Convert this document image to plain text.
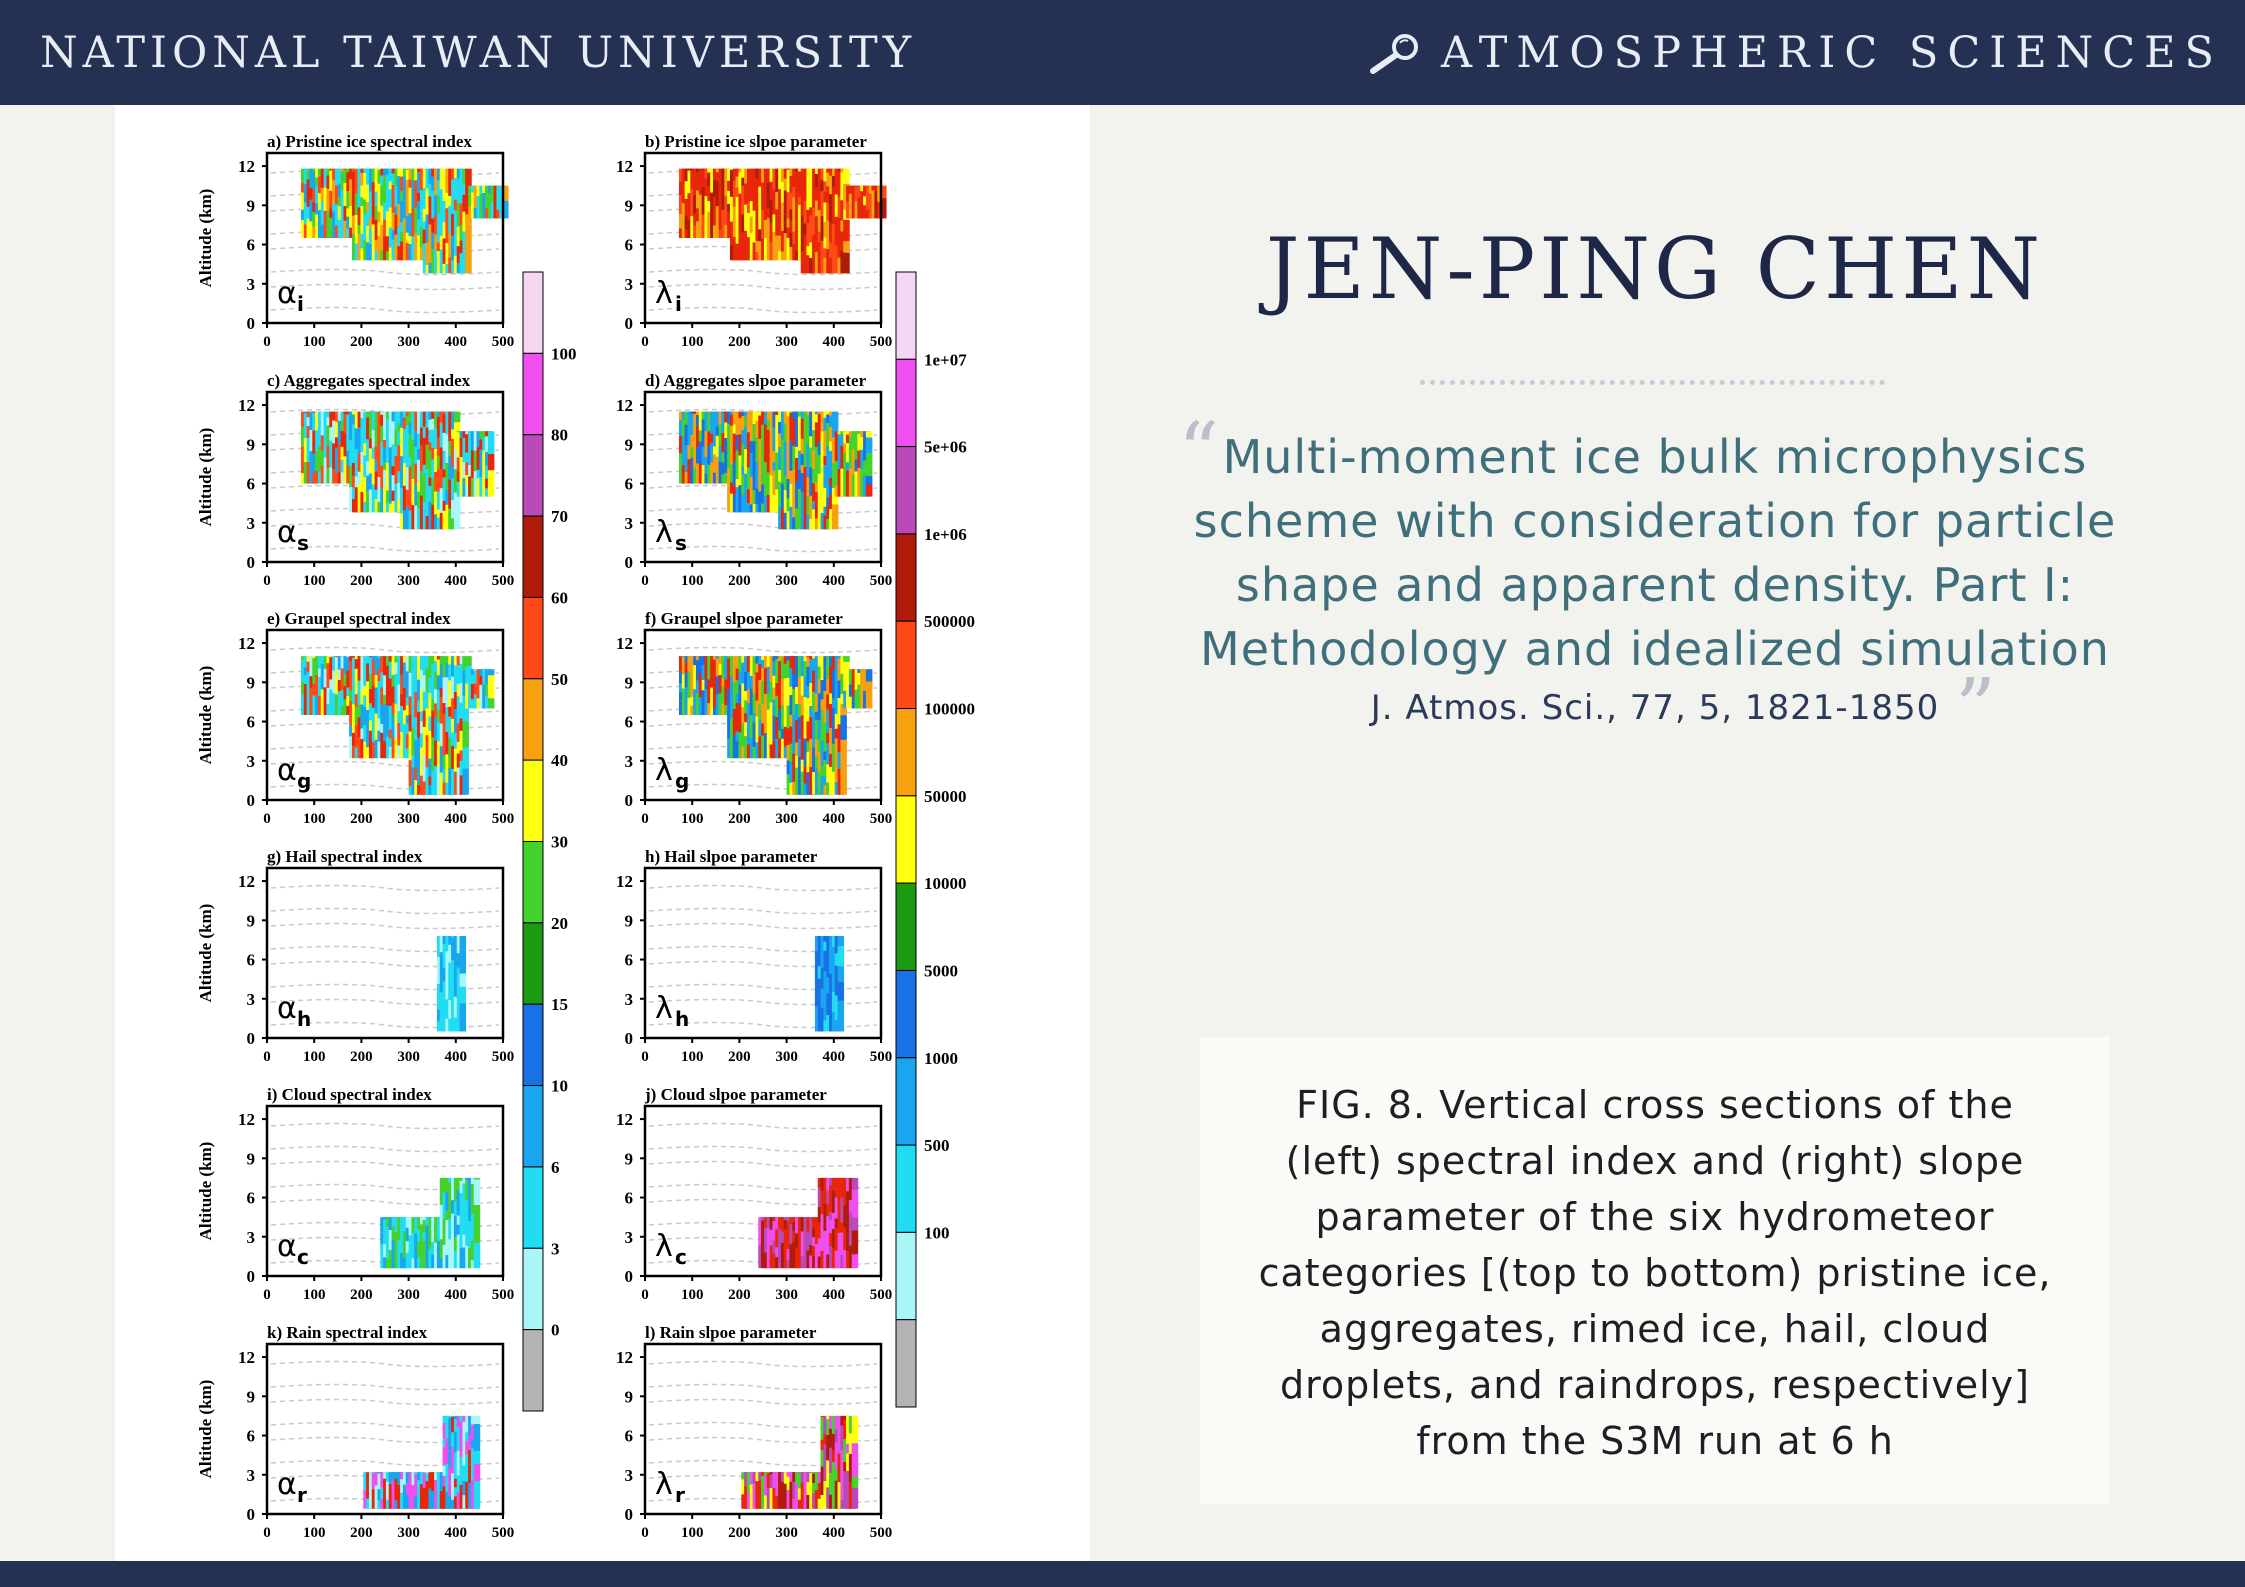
NATIONAL TAIWAN UNIVERSITY	ATMOSPHERIC SCIENCES
a) Pristine ice spectral index
0
3
6
9
12
0 100 200 300 400 500
Altitude (km)
α i
b) Pristine ice slpoe parameter
0
3
6
9
12
0 100 200 300 400 500
λ i
c) Aggregates spectral index
0
3
6
9
12
0 100 200 300 400 500
Altitude (km)
α s
d) Aggregates slpoe parameter
0
3
6
9
12
0 100 200 300 400 500
λ s
e) Graupel spectral index
0
3
6
9
12
0 100 200 300 400 500
Altitude (km)
α g
f) Graupel slpoe parameter
0
3
6
9
12
0 100 200 300 400 500
λ g
g) Hail spectral index
0
3
6
9
12
0 100 200 300 400 500
Altitude (km)
α h
h) Hail slpoe parameter
0
3
6
9
12
0 100 200 300 400 500
λ h
i) Cloud spectral index
0
3
6
9
12
0 100 200 300 400 500
Altitude (km)
α c
j) Cloud slpoe parameter
0
3
6
9
12
0 100 200 300 400 500
λ c
k) Rain spectral index
0
3
6
9
12
0 100 200 300 400 500
Altitude (km)
α r
l) Rain slpoe parameter
0
3
6
9
12
0 100 200 300 400 500
λ r
100
80
70
60
50
40
30
20
15
10
6
3
0
1e+07
5e+06
1e+06
500000
100000
50000
10000
5000
1000
500
100
JEN-PING CHEN
“ Multi-moment ice bulk microphysics scheme with consideration for particle shape and apparent density. Part I: Methodology and idealized simulation
J. Atmos. Sci., 77, 5, 1821-1850 ”
FIG. 8. Vertical cross sections of the (left) spectral index and (right) slope parameter of the six hydrometeor categories [(top to bottom) pristine ice, aggregates, rimed ice, hail, cloud droplets, and raindrops, respectively] from the S3M run at 6 h
